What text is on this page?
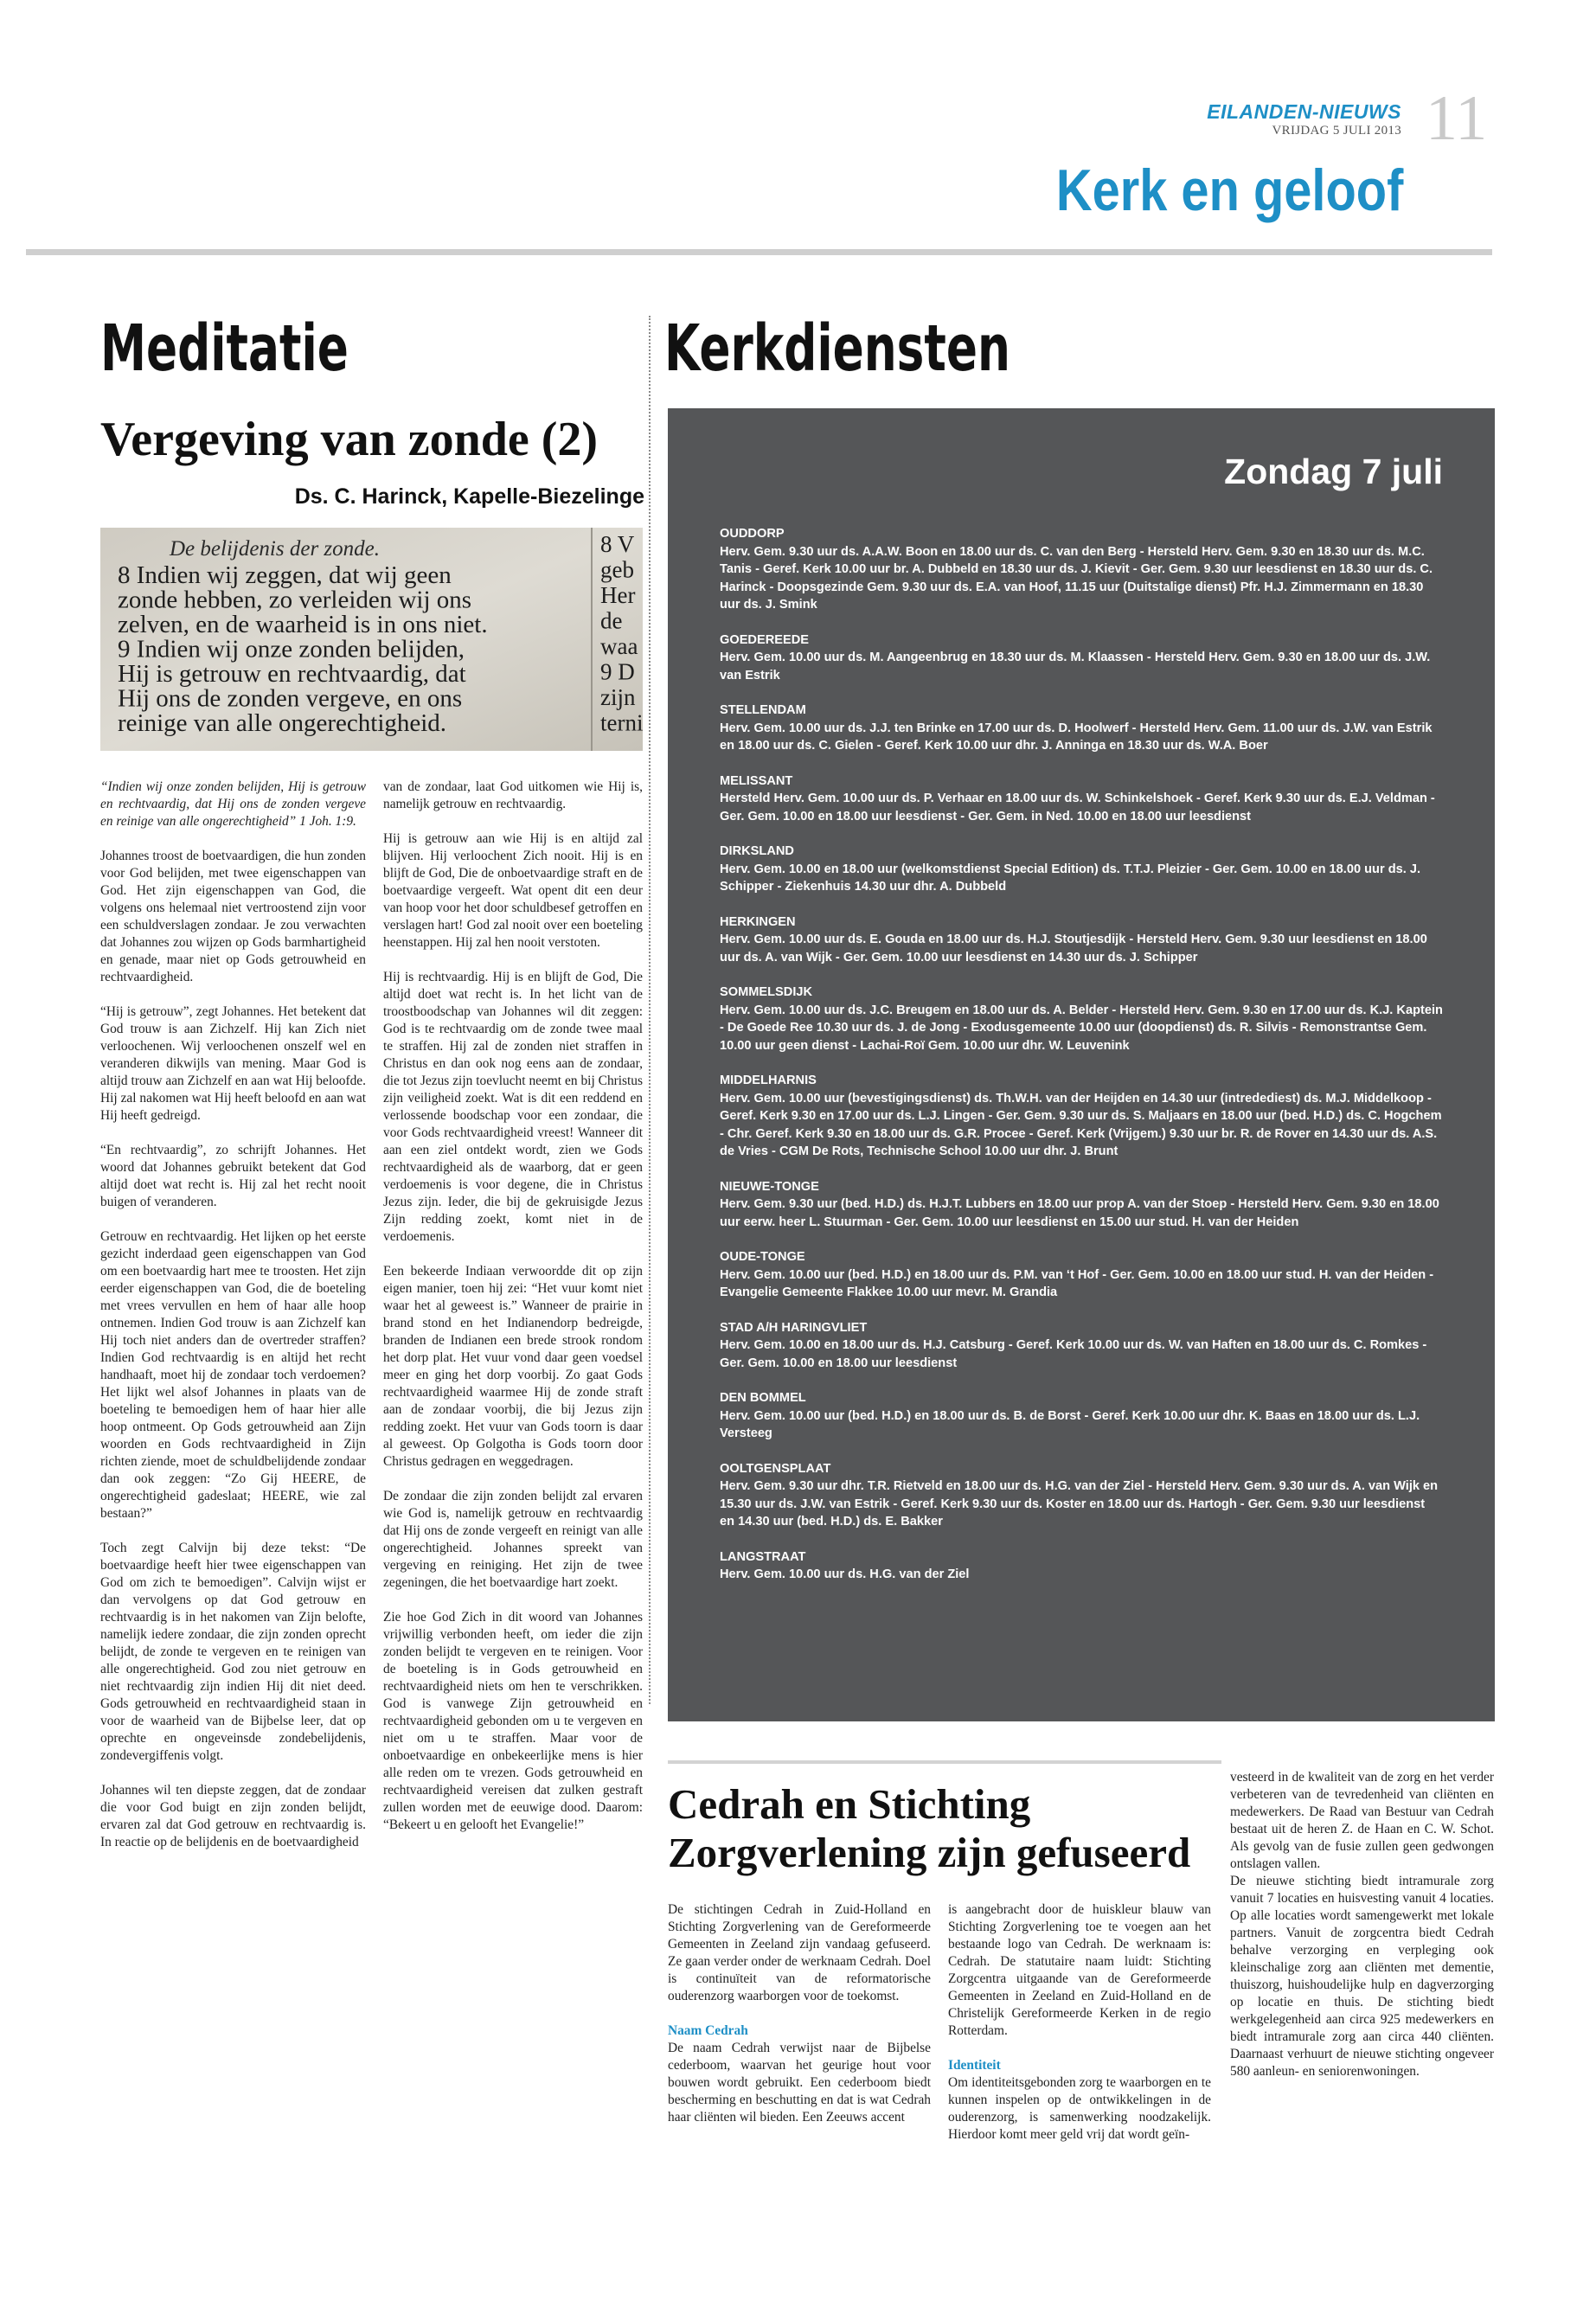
EILANDEN-NIEUWS
VRIJDAG 5 JULI 2013 11
Kerk en geloof
Meditatie	Kerkdiensten
Vergeving van zonde (2)
Ds. C. Harinck, Kapelle-Biezelinge
De belijdenis der zonde.
8 Indien wij zeggen, dat wij geen
zonde hebben, zo verleiden wij ons
zelven, en de waarheid is in ons niet.
9 Indien wij onze zonden belijden,
Hij is getrouw en rechtvaardig, dat
Hij ons de zonden vergeve, en ons
reinige van alle ongerechtigheid.
8 V
geb
Her
de
waa
9 D
zijn
terni

“Indien wij onze zonden belijden, Hij is getrouw en rechtvaardig, dat Hij ons de zonden vergeve en reinige van alle ongerechtigheid” 1 Joh. 1:9.

Johannes troost de boetvaardigen, die hun zonden voor God belijden, met twee eigenschappen van God. Het zijn eigenschappen van God, die volgens ons helemaal niet vertroostend zijn voor een schuldverslagen zondaar. Je zou verwachten dat Johannes zou wijzen op Gods barmhartigheid en genade, maar niet op Gods getrouwheid en rechtvaardigheid.

“Hij is getrouw”, zegt Johannes. Het betekent dat God trouw is aan Zichzelf. Hij kan Zich niet verloochenen. Wij verloochenen onszelf wel en veranderen dikwijls van mening. Maar God is altijd trouw aan Zichzelf en aan wat Hij beloofde. Hij zal nakomen wat Hij heeft beloofd en aan wat Hij heeft gedreigd.

“En rechtvaardig”, zo schrijft Johannes. Het woord dat Johannes gebruikt betekent dat God altijd doet wat recht is. Hij zal het recht nooit buigen of veranderen.

Getrouw en rechtvaardig. Het lijken op het eerste gezicht inderdaad geen eigenschappen van God om een boetvaardig hart mee te troosten. Het zijn eerder eigenschappen van God, die de boeteling met vrees vervullen en hem of haar alle hoop ontnemen. Indien God trouw is aan Zichzelf kan Hij toch niet anders dan de overtreder straffen? Indien God rechtvaardig is en altijd het recht handhaaft, moet hij de zondaar toch verdoemen? Het lijkt wel alsof Johannes in plaats van de boeteling te bemoedigen hem of haar hier alle hoop ontmeent. Op Gods getrouwheid aan Zijn woorden en Gods rechtvaardigheid in Zijn richten ziende, moet de schuldbelijdende zondaar dan ook zeggen: “Zo Gij HEERE, de ongerechtigheid gadeslaat; HEERE, wie zal bestaan?”

Toch zegt Calvijn bij deze tekst: “De boetvaardige heeft hier twee eigenschappen van God om zich te bemoedigen”. Calvijn wijst er dan vervolgens op dat God getrouw en rechtvaardig is in het nakomen van Zijn belofte, namelijk iedere zondaar, die zijn zonden oprecht belijdt, de zonde te vergeven en te reinigen van alle ongerechtigheid. God zou niet getrouw en niet rechtvaardig zijn indien Hij dit niet deed. Gods getrouwheid en rechtvaardigheid staan in voor de waarheid van de Bijbelse leer, dat op oprechte en ongeveinsde zondebelijdenis, zondevergiffenis volgt.

Johannes wil ten diepste zeggen, dat de zondaar die voor God buigt en zijn zonden belijdt, ervaren zal dat God getrouw en rechtvaardig is. In reactie op de belijdenis en de boetvaardigheid

van de zondaar, laat God uitkomen wie Hij is, namelijk getrouw en rechtvaardig.

Hij is getrouw aan wie Hij is en altijd zal blijven. Hij verloochent Zich nooit. Hij is en blijft de God, Die de onboetvaardige straft en de boetvaardige vergeeft. Wat opent dit een deur van hoop voor het door schuldbesef getroffen en verslagen hart! God zal nooit over een boeteling heenstappen. Hij zal hen nooit verstoten.

Hij is rechtvaardig. Hij is en blijft de God, Die altijd doet wat recht is. In het licht van de troostboodschap van Johannes wil dit zeggen: God is te rechtvaardig om de zonde twee maal te straffen. Hij zal de zonden niet straffen in Christus en dan ook nog eens aan de zondaar, die tot Jezus zijn toevlucht neemt en bij Christus zijn veiligheid zoekt. Wat is dit een reddend en verlossende boodschap voor een zondaar, die voor Gods rechtvaardigheid vreest! Wanneer dit aan een ziel ontdekt wordt, zien we Gods rechtvaardigheid als de waarborg, dat er geen verdoemenis is voor degene, die in Christus Jezus zijn. Ieder, die bij de gekruisigde Jezus Zijn redding zoekt, komt niet in de verdoemenis.

Een bekeerde Indiaan verwoordde dit op zijn eigen manier, toen hij zei: “Het vuur komt niet waar het al geweest is.” Wanneer de prairie in brand stond en het Indianendorp bedreigde, branden de Indianen een brede strook rondom het dorp plat. Het vuur vond daar geen voedsel meer en ging het dorp voorbij. Zo gaat Gods rechtvaardigheid waarmee Hij de zonde straft aan de zondaar voorbij, die bij Jezus zijn redding zoekt. Het vuur van Gods toorn is daar al geweest. Op Golgotha is Gods toorn door Christus gedragen en weggedragen.

De zondaar die zijn zonden belijdt zal ervaren wie God is, namelijk getrouw en rechtvaardig dat Hij ons de zonde vergeeft en reinigt van alle ongerechtigheid. Johannes spreekt van vergeving en reiniging. Het zijn de twee zegeningen, die het boetvaardige hart zoekt.

Zie hoe God Zich in dit woord van Johannes vrijwillig verbonden heeft, om ieder die zijn zonden belijdt te vergeven en te reinigen. Voor de boeteling is in Gods getrouwheid en rechtvaardigheid niets om hen te verschrikken. God is vanwege Zijn getrouwheid en rechtvaardigheid gebonden om u te vergeven en niet om u te straffen. Maar voor de onboetvaardige en onbekeerlijke mens is hier alle reden om te vrezen. Gods getrouwheid en rechtvaardigheid vereisen dat zulken gestraft zullen worden met de eeuwige dood. Daarom: “Bekeert u en gelooft het Evangelie!”

Zondag 7 juli
OUDDORP
Herv. Gem. 9.30 uur ds. A.A.W. Boon en 18.00 uur ds. C. van den Berg - Hersteld Herv. Gem. 9.30 en 18.30 uur ds. M.C. Tanis - Geref. Kerk 10.00 uur br. A. Dubbeld en 18.30 uur ds. J. Kievit - Ger. Gem. 9.30 uur leesdienst en 18.30 uur ds. C. Harinck - Doopsgezinde Gem. 9.30 uur ds. E.A. van Hoof, 11.15 uur (Duitstalige dienst) Pfr. H.J. Zimmermann en 18.30 uur ds. J. Smink
GOEDEREEDE
Herv. Gem. 10.00 uur ds. M. Aangeenbrug en 18.30 uur ds. M. Klaassen - Hersteld Herv. Gem. 9.30 en 18.00 uur ds. J.W. van Estrik
STELLENDAM
Herv. Gem. 10.00 uur ds. J.J. ten Brinke en 17.00 uur ds. D. Hoolwerf - Hersteld Herv. Gem. 11.00 uur ds. J.W. van Estrik en 18.00 uur ds. C. Gielen - Geref. Kerk 10.00 uur dhr. J. Anninga en 18.30 uur ds. W.A. Boer
MELISSANT
Hersteld Herv. Gem. 10.00 uur ds. P. Verhaar en 18.00 uur ds. W. Schinkelshoek - Geref. Kerk 9.30 uur ds. E.J. Veldman - Ger. Gem. 10.00 en 18.00 uur leesdienst - Ger. Gem. in Ned. 10.00 en 18.00 uur leesdienst
DIRKSLAND
Herv. Gem. 10.00 en 18.00 uur (welkomstdienst Special Edition) ds. T.T.J. Pleizier - Ger. Gem. 10.00 en 18.00 uur ds. J. Schipper - Ziekenhuis 14.30 uur dhr. A. Dubbeld
HERKINGEN
Herv. Gem. 10.00 uur ds. E. Gouda en 18.00 uur ds. H.J. Stoutjesdijk - Hersteld Herv. Gem. 9.30 uur leesdienst en 18.00 uur ds. A. van Wijk - Ger. Gem. 10.00 uur leesdienst en 14.30 uur ds. J. Schipper
SOMMELSDIJK
Herv. Gem. 10.00 uur ds. J.C. Breugem en 18.00 uur ds. A. Belder - Hersteld Herv. Gem. 9.30 en 17.00 uur ds. K.J. Kaptein - De Goede Ree 10.30 uur ds. J. de Jong - Exodusgemeente 10.00 uur (doopdienst) ds. R. Silvis - Remonstrantse Gem. 10.00 uur geen dienst - Lachai-Roï Gem. 10.00 uur dhr. W. Leuvenink
MIDDELHARNIS
Herv. Gem. 10.00 uur (bevestigingsdienst) ds. Th.W.H. van der Heijden en 14.30 uur (intredediest) ds. M.J. Middelkoop - Geref. Kerk 9.30 en 17.00 uur ds. L.J. Lingen - Ger. Gem. 9.30 uur ds. S. Maljaars en 18.00 uur (bed. H.D.) ds. C. Hogchem - Chr. Geref. Kerk 9.30 en 18.00 uur ds. G.R. Procee - Geref. Kerk (Vrijgem.) 9.30 uur br. R. de Rover en 14.30 uur ds. A.S. de Vries - CGM De Rots, Technische School 10.00 uur dhr. J. Brunt
NIEUWE-TONGE
Herv. Gem. 9.30 uur (bed. H.D.) ds. H.J.T. Lubbers en 18.00 uur prop A. van der Stoep - Hersteld Herv. Gem. 9.30 en 18.00 uur eerw. heer L. Stuurman - Ger. Gem. 10.00 uur leesdienst en 15.00 uur stud. H. van der Heiden
OUDE-TONGE
Herv. Gem. 10.00 uur (bed. H.D.) en 18.00 uur ds. P.M. van ‘t Hof - Ger. Gem. 10.00 en 18.00 uur stud. H. van der Heiden - Evangelie Gemeente Flakkee 10.00 uur mevr. M. Grandia
STAD A/H HARINGVLIET
Herv. Gem. 10.00 en 18.00 uur ds. H.J. Catsburg - Geref. Kerk 10.00 uur ds. W. van Haften en 18.00 uur ds. C. Romkes - Ger. Gem. 10.00 en 18.00 uur leesdienst
DEN BOMMEL
Herv. Gem. 10.00 uur (bed. H.D.) en 18.00 uur ds. B. de Borst - Geref. Kerk 10.00 uur dhr. K. Baas en 18.00 uur ds. L.J. Versteeg
OOLTGENSPLAAT
Herv. Gem. 9.30 uur dhr. T.R. Rietveld en 18.00 uur ds. H.G. van der Ziel - Hersteld Herv. Gem. 9.30 uur ds. A. van Wijk en 15.30 uur ds. J.W. van Estrik - Geref. Kerk 9.30 uur ds. Koster en 18.00 uur ds. Hartogh - Ger. Gem. 9.30 uur leesdienst en 14.30 uur (bed. H.D.) ds. E. Bakker
LANGSTRAAT
Herv. Gem. 10.00 uur ds. H.G. van der Ziel
Cedrah en Stichting Zorgverlening zijn gefuseerd

De stichtingen Cedrah in Zuid-Holland en Stichting Zorgverlening van de Gereformeerde Gemeenten in Zeeland zijn vandaag gefuseerd. Ze gaan verder onder de werknaam Cedrah. Doel is continuïteit van de reformatorische ouderenzorg waarborgen voor de toekomst.

Naam Cedrah

De naam Cedrah verwijst naar de Bijbelse cederboom, waarvan het geurige hout voor bouwen wordt gebruikt. Een cederboom biedt bescherming en beschutting en dat is wat Cedrah haar cliënten wil bieden. Een Zeeuws accent

is aangebracht door de huiskleur blauw van Stichting Zorgverlening toe te voegen aan het bestaande logo van Cedrah. De werknaam is: Cedrah. De statutaire naam luidt: Stichting Zorgcentra uitgaande van de Gereformeerde Gemeenten in Zeeland en Zuid-Holland en de Christelijk Gereformeerde Kerken in de regio Rotterdam.

Identiteit

Om identiteitsgebonden zorg te waarborgen en te kunnen inspelen op de ontwikkelingen in de ouderenzorg, is samenwerking noodzakelijk. Hierdoor komt meer geld vrij dat wordt geïn-

vesteerd in de kwaliteit van de zorg en het verder verbeteren van de tevredenheid van cliënten en medewerkers. De Raad van Bestuur van Cedrah bestaat uit de heren Z. de Haan en C. W. Schot. Als gevolg van de fusie zullen geen gedwongen ontslagen vallen.

De nieuwe stichting biedt intramurale zorg vanuit 7 locaties en huisvesting vanuit 4 locaties. Op alle locaties wordt samengewerkt met lokale partners. Vanuit de zorgcentra biedt Cedrah behalve verzorging en verpleging ook kleinschalige zorg aan cliënten met dementie, thuiszorg, huishoudelijke hulp en dagverzorging op locatie en thuis. De stichting biedt werkgelegenheid aan circa 925 medewerkers en biedt intramurale zorg aan circa 440 cliënten. Daarnaast verhuurt de nieuwe stichting ongeveer 580 aanleun- en seniorenwoningen.
